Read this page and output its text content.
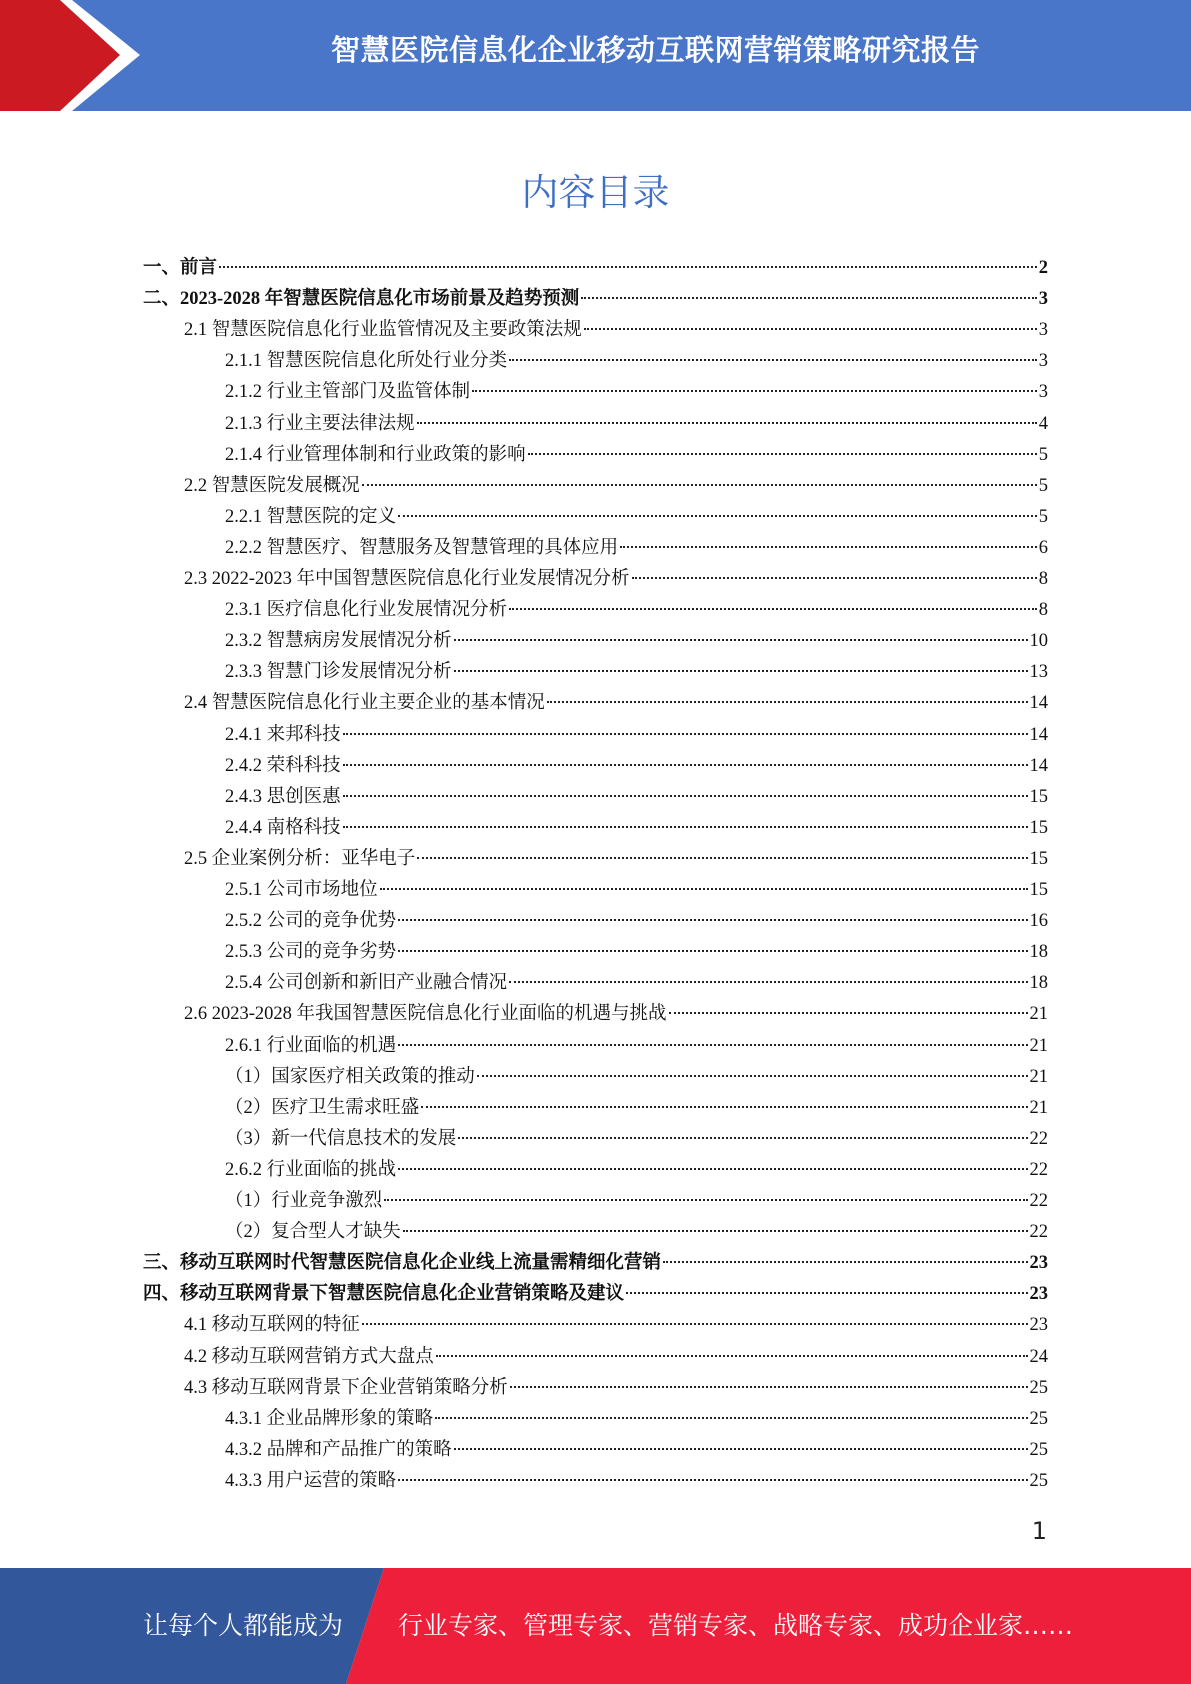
智慧医院信息化企业移动互联网营销策略研究报告
内容目录
一、前言	2
二、2023-2028 年智慧医院信息化市场前景及趋势预测	3
2.1 智慧医院信息化行业监管情况及主要政策法规	3
2.1.1 智慧医院信息化所处行业分类	3
2.1.2 行业主管部门及监管体制	3
2.1.3 行业主要法律法规	4
2.1.4 行业管理体制和行业政策的影响	5
2.2 智慧医院发展概况	5
2.2.1 智慧医院的定义	5
2.2.2 智慧医疗、智慧服务及智慧管理的具体应用	6
2.3 2022-2023 年中国智慧医院信息化行业发展情况分析	8
2.3.1 医疗信息化行业发展情况分析	8
2.3.2 智慧病房发展情况分析	10
2.3.3 智慧门诊发展情况分析	13
2.4 智慧医院信息化行业主要企业的基本情况	14
2.4.1 来邦科技	14
2.4.2 荣科科技	14
2.4.3 思创医惠	15
2.4.4 南格科技	15
2.5 企业案例分析：亚华电子	15
2.5.1 公司市场地位	15
2.5.2 公司的竞争优势	16
2.5.3 公司的竞争劣势	18
2.5.4 公司创新和新旧产业融合情况	18
2.6 2023-2028 年我国智慧医院信息化行业面临的机遇与挑战	21
2.6.1 行业面临的机遇	21
（1）国家医疗相关政策的推动	21
（2）医疗卫生需求旺盛	21
（3）新一代信息技术的发展	22
2.6.2 行业面临的挑战	22
（1）行业竞争激烈	22
（2）复合型人才缺失	22
三、移动互联网时代智慧医院信息化企业线上流量需精细化营销	23
四、移动互联网背景下智慧医院信息化企业营销策略及建议	23
4.1 移动互联网的特征	23
4.2 移动互联网营销方式大盘点	24
4.3 移动互联网背景下企业营销策略分析	25
4.3.1 企业品牌形象的策略	25
4.3.2 品牌和产品推广的策略	25
4.3.3 用户运营的策略	25
1
让每个人都能成为 行业专家、管理专家、营销专家、战略专家、成功企业家……
